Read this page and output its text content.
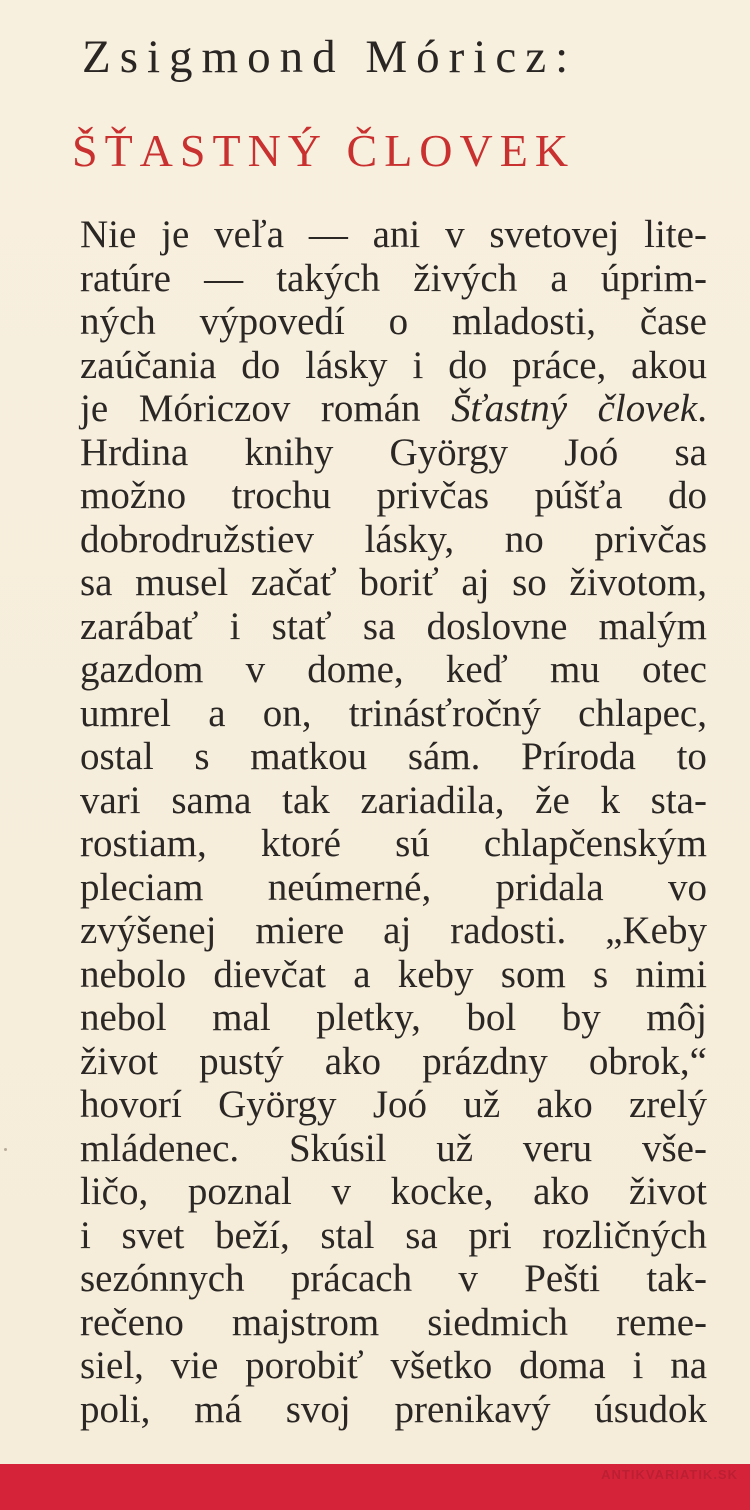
Zsigmond Móricz:
ŠŤASTNÝ ČLOVEK
Nie je veľa — ani v svetovej lite-
ratúre — takých živých a úprim-
ných výpovedí o mladosti, čase
zaúčania do lásky i do práce, akou
je Móriczov román Šťastný človek.
Hrdina knihy György Joó sa
možno trochu privčas púšťa do
dobrodružstiev lásky, no privčas
sa musel začať boriť aj so životom,
zarábať i stať sa doslovne malým
gazdom v dome, keď mu otec
umrel a on, trinásťročný chlapec,
ostal s matkou sám. Príroda to
vari sama tak zariadila, že k sta-
rostiam, ktoré sú chlapčenským
pleciam neúmerné, pridala vo
zvýšenej miere aj radosti. „Keby
nebolo dievčat a keby som s nimi
nebol mal pletky, bol by môj
život pustý ako prázdny obrok,“
hovorí György Joó už ako zrelý
mládenec. Skúsil už veru vše-
ličo, poznal v kocke, ako život
i svet beží, stal sa pri rozličných
sezónnych prácach v Pešti tak-
rečeno majstrom siedmich reme-
siel, vie porobiť všetko doma i na
poli, má svoj prenikavý úsudok
ANTIKVARIATIK.SK
